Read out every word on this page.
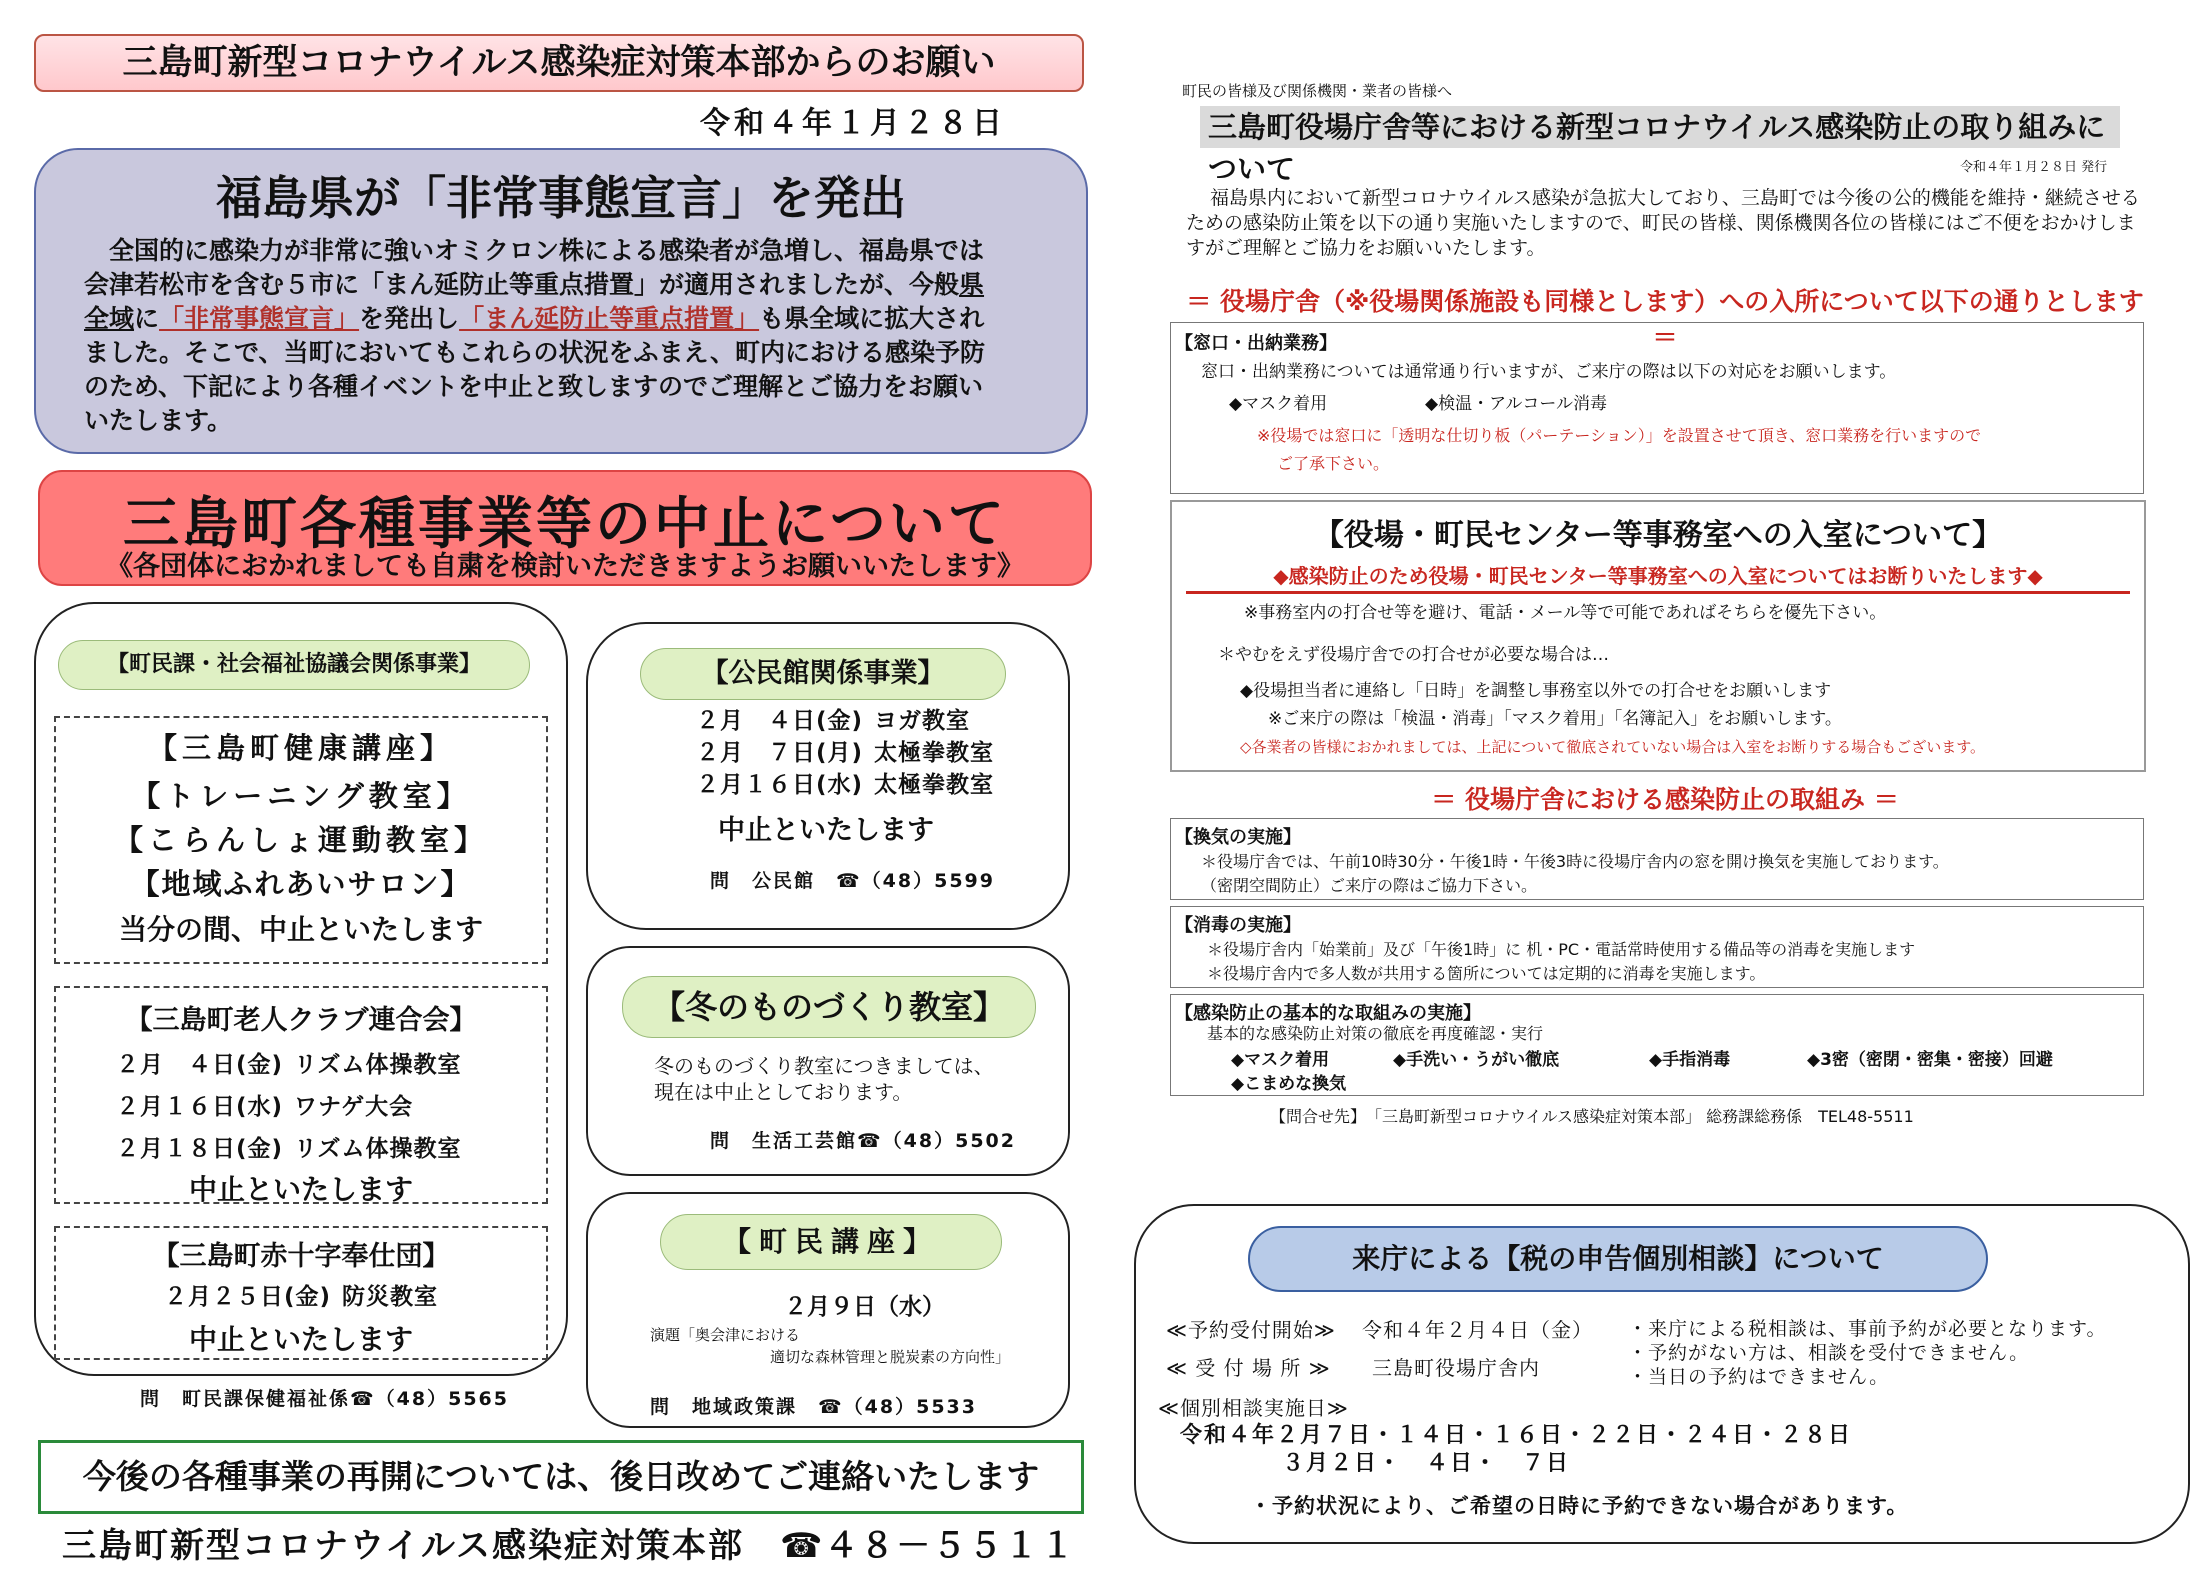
三島町新型コロナウイルス感染症対策本部からのお願い
令和４年１月２８日
福島県が「非常事態宣言」を発出
　全国的に感染力が非常に強いオミクロン株による感染者が急増し、福島県では
会津若松市を含む５市に「まん延防止等重点措置」が適用されましたが、今般県
全域に「非常事態宣言」を発出し「まん延防止等重点措置」も県全域に拡大され
ました。そこで、当町においてもこれらの状況をふまえ、町内における感染予防
のため、下記により各種イベントを中止と致しますのでご理解とご協力をお願い
いたします。
三島町各種事業等の中止について
《各団体におかれましても自粛を検討いただきますようお願いいたします》
【町民課・社会福祉協議会関係事業】
【三島町健康講座】
【トレーニング教室】
【こらんしょ運動教室】
【地域ふれあいサロン】
当分の間、中止といたします
【三島町老人クラブ連合会】
２月　４日(金) リズム体操教室
２月１６日(水) ワナゲ大会
２月１８日(金) リズム体操教室
中止といたします
【三島町赤十字奉仕団】
２月２５日(金) 防災教室
中止といたします
問　町民課保健福祉係☎（48）5565
【公民館関係事業】
２月　４日(金) ヨガ教室
２月　７日(月) 太極拳教室
２月１６日(水) 太極拳教室
中止といたします
問　公民館　☎（48）5599
【冬のものづくり教室】
冬のものづくり教室につきましては、
現在は中止としております。
問　生活工芸館☎（48）5502
【町民講座】
２月９日（水）
演題「奥会津における
適切な森林管理と脱炭素の方向性」
問　地域政策課　☎（48）5533
今後の各種事業の再開については、後日改めてご連絡いたします
三島町新型コロナウイルス感染症対策本部　☎４８－５５１１
町民の皆様及び関係機関・業者の皆様へ
三島町役場庁舎等における新型コロナウイルス感染防止の取り組みについて	令和４年１月２８日 発行
福島県内において新型コロナウイルス感染が急拡大しており、三島町では今後の公的機能を維持・継続させるための感染防止策を以下の通り実施いたしますので、町民の皆様、関係機関各位の皆様にはご不便をおかけしますがご理解とご協力をお願いいたします。
＝ 役場庁舎（※役場関係施設も同様とします）への入所について以下の通りとします ＝
【窓口・出納業務】
窓口・出納業務については通常通り行いますが、ご来庁の際は以下の対応をお願いします。
◆マスク着用	◆検温・アルコール消毒
※役場では窓口に「透明な仕切り板（パーテーション）」を設置させて頂き、窓口業務を行いますので
ご了承下さい。
【役場・町民センター等事務室への入室について】
◆感染防止のため役場・町民センター等事務室への入室についてはお断りいたします◆
※事務室内の打合せ等を避け、電話・メール等で可能であればそちらを優先下さい。
＊やむをえず役場庁舎での打合せが必要な場合は…
◆役場担当者に連絡し「日時」を調整し事務室以外での打合せをお願いします
※ご来庁の際は「検温・消毒」「マスク着用」「名簿記入」をお願いします。
◇各業者の皆様におかれましては、上記について徹底されていない場合は入室をお断りする場合もございます。
＝ 役場庁舎における感染防止の取組み ＝
【換気の実施】
＊役場庁舎では、午前10時30分・午後1時・午後3時に役場庁舎内の窓を開け換気を実施しております。
（密閉空間防止）ご来庁の際はご協力下さい。
【消毒の実施】
＊役場庁舎内「始業前」及び「午後1時」に 机・PC・電話常時使用する備品等の消毒を実施します
＊役場庁舎内で多人数が共用する箇所については定期的に消毒を実施します。
【感染防止の基本的な取組みの実施】
基本的な感染防止対策の徹底を再度確認・実行
◆マスク着用	◆手洗い・うがい徹底	◆手指消毒	◆3密（密閉・密集・密接）回避
◆こまめな換気
【問合せ先】　「三島町新型コロナウイルス感染症対策本部」 総務課総務係　TEL48-5511
来庁による【税の申告個別相談】について
≪予約受付開始≫ 令和４年２月４日（金）
≪ 受 付 場 所 ≫ 三島町役場庁舎内
・来庁による税相談は、事前予約が必要となります。
・予約がない方は、相談を受付できません。
・当日の予約はできません。
≪個別相談実施日≫
令和４年２月７日・１４日・１６日・２２日・２４日・２８日
３月２日・　４日・　７日
・予約状況により、ご希望の日時に予約できない場合があります。
